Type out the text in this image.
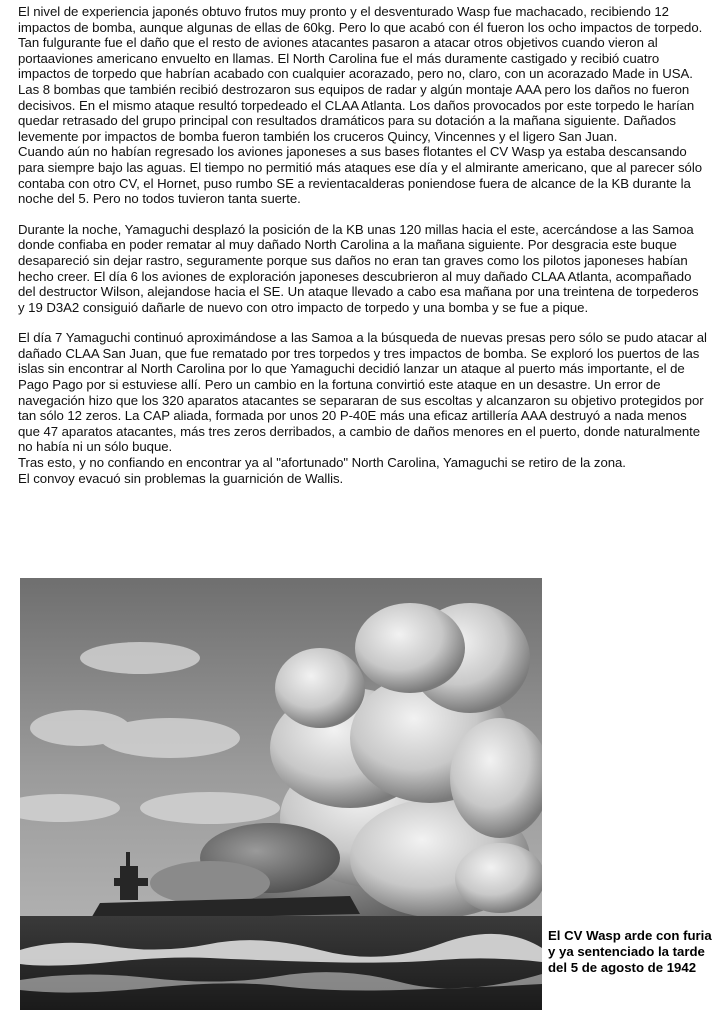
El nivel de experiencia japonés obtuvo frutos muy pronto y el desventurado Wasp fue machacado, recibiendo 12 impactos de bomba, aunque algunas de ellas de 60kg. Pero lo que acabó con él fueron los ocho impactos de torpedo. Tan fulgurante fue el daño que el resto de aviones atacantes pasaron a atacar otros objetivos cuando vieron al portaaviones americano envuelto en llamas. El North Carolina fue el más duramente castigado y recibió cuatro impactos de torpedo que habrían acabado con cualquier acorazado, pero no, claro, con un acorazado Made in USA. Las 8 bombas que también recibió destrozaron sus equipos de radar y algún montaje AAA pero los daños no fueron decisivos. En el mismo ataque resultó torpedeado el CLAA Atlanta. Los daños provocados por este torpedo le harían quedar retrasado del grupo principal con resultados dramáticos para su dotación a la mañana siguiente. Dañados levemente por impactos de bomba fueron también los cruceros Quincy, Vincennes y el ligero San Juan.

Cuando aún no habían regresado los aviones japoneses a sus bases flotantes el CV Wasp ya estaba descansando para siempre bajo las aguas. El tiempo no permitió más ataques ese día y el almirante americano, que al parecer sólo contaba con otro CV, el Hornet, puso rumbo SE a revientacalderas poniendose fuera de alcance de la KB durante la noche del 5. Pero no todos tuvieron tanta suerte.

Durante la noche, Yamaguchi desplazó la posición de la KB unas 120 millas hacia el este, acercándose a las Samoa donde confiaba en poder rematar al muy dañado North Carolina a la mañana siguiente. Por desgracia este buque desapareció sin dejar rastro, seguramente porque sus daños no eran tan graves como los pilotos japoneses habían hecho creer. El día 6 los aviones de exploración japoneses descubrieron al muy dañado CLAA Atlanta, acompañado del destructor Wilson, alejandose hacia el SE. Un ataque llevado a cabo esa mañana por una treintena de torpederos y 19 D3A2 consiguió dañarle de nuevo con otro impacto de torpedo y una bomba y se fue a pique.

El día 7 Yamaguchi continuó aproximándose a las Samoa a la búsqueda de nuevas presas pero sólo se pudo atacar al dañado CLAA San Juan, que fue rematado por tres torpedos y tres impactos de bomba. Se exploró los puertos de las islas sin encontrar al North Carolina por lo que Yamaguchi decidió lanzar un ataque al puerto más importante, el de Pago Pago por si estuviese allí. Pero un cambio en la fortuna convirtió este ataque en un desastre. Un error de navegación hizo que los 320 aparatos atacantes se separaran de sus escoltas y alcanzaron su objetivo protegidos por tan sólo 12 zeros. La CAP aliada, formada por unos 20 P-40E más una eficaz artillería AAA destruyó a nada menos que 47 aparatos atacantes, más tres zeros derribados, a cambio de daños menores en el puerto, donde naturalmente no había ni un sólo buque.

Tras esto, y no confiando en encontrar ya al "afortunado" North Carolina, Yamaguchi se retiro de la zona.

El convoy evacuó sin problemas la guarnición de Wallis.

El CV Wasp arde con furia y ya sentenciado la tarde del 5 de agosto de 1942
